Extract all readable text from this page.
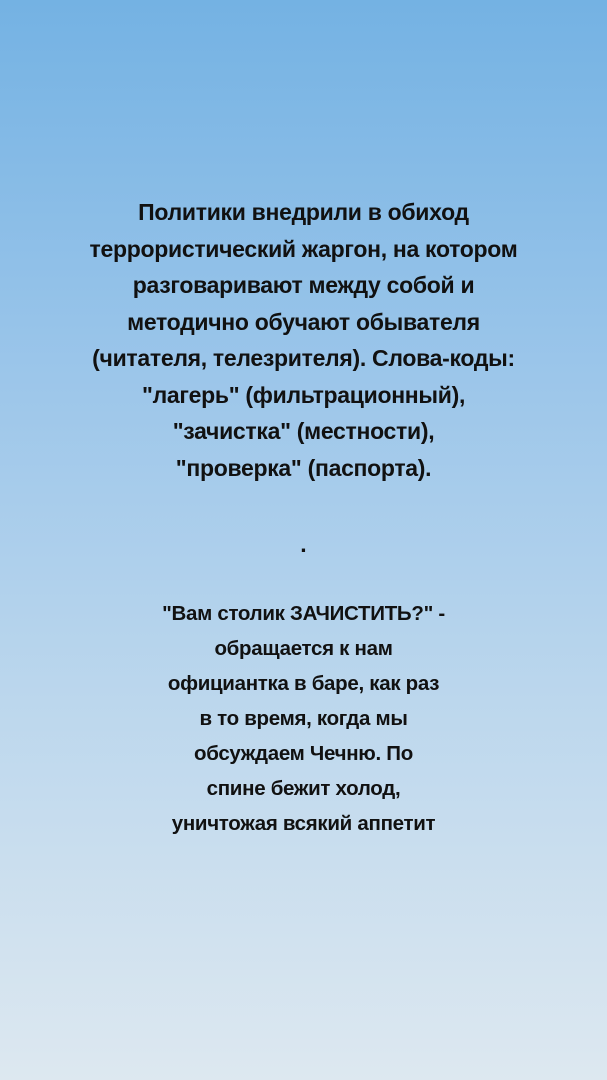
Политики внедрили в обиход
террористический жаргон, на котором
разговаривают между собой и
методично обучают обывателя
(читателя, телезрителя). Слова-коды:
"лагерь" (фильтрационный),
"зачистка" (местности),
"проверка" (паспорта).
.
"Вам столик ЗАЧИСТИТЬ?" -
обращается к нам
официантка в баре, как раз
в то время, когда мы
обсуждаем Чечню. По
спине бежит холод,
уничтожая всякий аппетит
